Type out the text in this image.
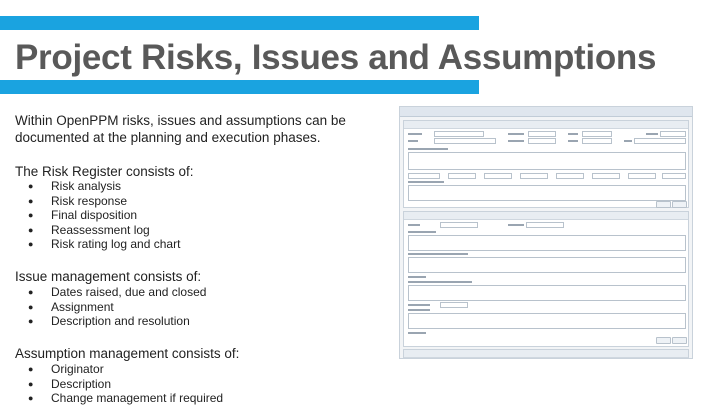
Project Risks, Issues and Assumptions
Within OpenPPM risks, issues and assumptions can be documented at the planning and execution phases.
The Risk Register consists of:
● Risk analysis
● Risk response
● Final disposition
● Reassessment log
● Risk rating log and chart
Issue management consists of:
● Dates raised, due and closed
● Assignment
● Description and resolution
Assumption management consists of:
● Originator
● Description
● Change management if required
